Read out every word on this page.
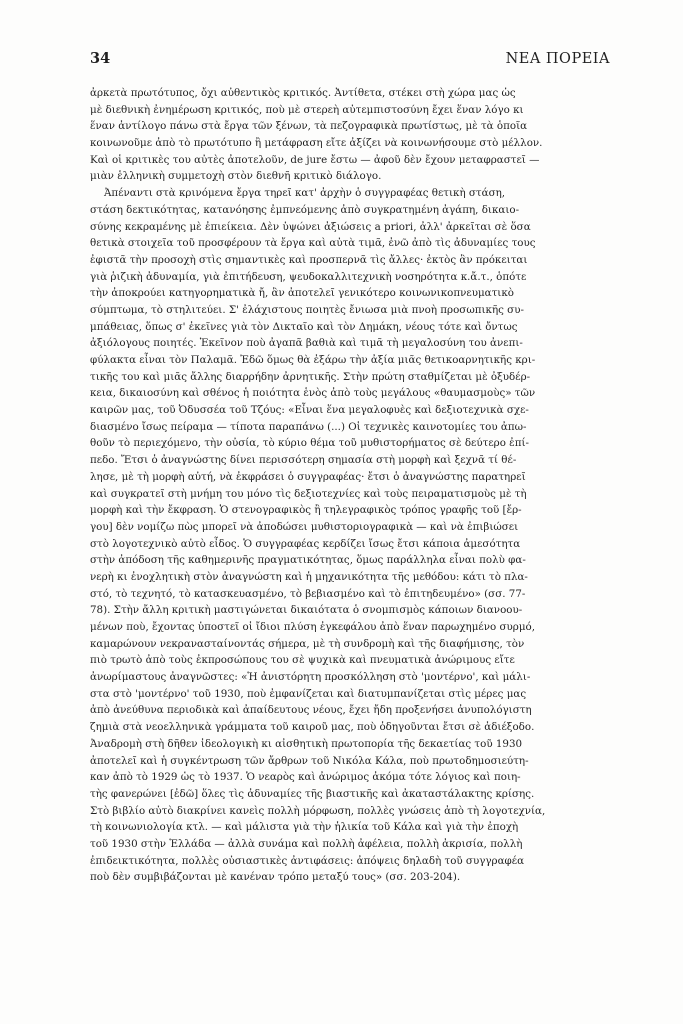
34	ΝΕΑ ΠΟΡΕΙΑ
ἀρκετὰ πρωτότυπος, ὄχι αὐθεντικὸς κριτικός. Ἀντίθετα, στέκει στὴ χώρα μας ὡς
μὲ διεθνικὴ ἐνημέρωση κριτικός, ποὺ μὲ στερεὴ αὐτεμπιστοσύνη ἔχει ἕναν λόγο κι
ἕναν ἀντίλογο πάνω στὰ ἔργα τῶν ξένων, τὰ πεζογραφικὰ πρωτίστως, μὲ τὰ ὁποῖα
κοινωνοῦμε ἀπὸ τὸ πρωτότυπο ἢ μετάφραση εἴτε ἀξίζει νὰ κοινωνήσουμε στὸ μέλλον.
Καὶ οἱ κριτικὲς του αὐτὲς ἀποτελοῦν, de jure ἔστω — ἀφοῦ δὲν ἔχουν μεταφραστεῖ —
μιὰν ἑλληνικὴ συμμετοχὴ στὸν διεθνῆ κριτικὸ διάλογο.
Ἀπέναντι στὰ κρινόμενα ἔργα τηρεῖ κατ' ἀρχὴν ὁ συγγραφέας θετικὴ στάση,
στάση δεκτικότητας, κατανόησης ἐμπνεόμενης ἀπὸ συγκρατημένη ἀγάπη, δικαιο-
σύνης κεκραμένης μὲ ἐπιείκεια. Δὲν ὑψώνει ἀξιώσεις a priori, ἀλλ' ἀρκεῖται σὲ ὅσα
θετικὰ στοιχεῖα τοῦ προσφέρουν τὰ ἔργα καὶ αὐτὰ τιμᾶ, ἐνῶ ἀπὸ τὶς ἀδυναμίες τους
ἐφιστᾶ τὴν προσοχὴ στὶς σημαντικὲς καὶ προσπερνᾶ τὶς ἄλλες· ἐκτὸς ἂν πρόκειται
γιὰ ῥιζικὴ ἀδυναμία, γιὰ ἐπιτήδευση, ψευδοκαλλιτεχνικὴ νοσηρότητα κ.ἄ.τ., ὁπότε
τὴν ἀποκρούει κατηγορηματικὰ ἤ, ἂν ἀποτελεῖ γενικότερο κοινωνικοπνευματικὸ
σύμπτωμα, τὸ στηλιτεύει. Σ' ἐλάχιστους ποιητὲς ἔνιωσα μιὰ πνοὴ προσωπικῆς συ-
μπάθειας, ὅπως σ' ἐκεῖνες γιὰ τὸν Δικταῖο καὶ τὸν Δημάκη, νέους τότε καὶ ὄντως
ἀξιόλογους ποιητές. Ἐκεῖνον ποὺ ἀγαπᾶ βαθιὰ καὶ τιμᾶ τὴ μεγαλοσύνη του ἀνεπι-
φύλακτα εἶναι τὸν Παλαμᾶ. Ἐδῶ ὅμως θὰ ἐξάρω τὴν ἀξία μιᾶς θετικοαρνητικῆς κρι-
τικῆς του καὶ μιᾶς ἄλλης διαρρήδην ἀρνητικῆς. Στὴν πρώτη σταθμίζεται μὲ ὀξυδέρ-
κεια, δικαιοσύνη καὶ σθένος ἡ ποιότητα ἑνὸς ἀπὸ τοὺς μεγάλους «θαυμασμοὺς» τῶν
καιρῶν μας, τοῦ Ὀδυσσέα τοῦ Τζόυς: «Εἶναι ἕνα μεγαλοφυὲς καὶ δεξιοτεχνικὰ σχε-
διασμένο ἴσως πείραμα — τίποτα παραπάνω (...) Οἱ τεχνικὲς καινοτομίες του ἀπω-
θοῦν τὸ περιεχόμενο, τὴν οὐσία, τὸ κύριο θέμα τοῦ μυθιστορήματος σὲ δεύτερο ἐπί-
πεδο. Ἔτσι ὁ ἀναγνώστης δίνει περισσότερη σημασία στὴ μορφὴ καὶ ξεχνᾶ τί θέ-
λησε, μὲ τὴ μορφὴ αὐτή, νὰ ἐκφράσει ὁ συγγραφέας· ἔτσι ὁ ἀναγνώστης παρατηρεῖ
καὶ συγκρατεῖ στὴ μνήμη του μόνο τὶς δεξιοτεχνίες καὶ τοὺς πειραματισμοὺς μὲ τὴ
μορφὴ καὶ τὴν ἔκφραση. Ὁ στενογραφικὸς ἢ τηλεγραφικὸς τρόπος γραφῆς τοῦ [ἔρ-
γου] δὲν νομίζω πὼς μπορεῖ νὰ ἀποδώσει μυθιστοριογραφικὰ — καὶ νὰ ἐπιβιώσει
στὸ λογοτεχνικὸ αὐτὸ εἶδος. Ὁ συγγραφέας κερδίζει ἴσως ἔτσι κάποια ἀμεσότητα
στὴν ἀπόδοση τῆς καθημερινῆς πραγματικότητας, ὅμως παράλληλα εἶναι πολὺ φα-
νερὴ κι ἐνοχλητικὴ στὸν ἀναγνώστη καὶ ἡ μηχανικότητα τῆς μεθόδου: κάτι τὸ πλα-
στό, τὸ τεχνητό, τὸ κατασκευασμένο, τὸ βεβιασμένο καὶ τὸ ἐπιτηδευμένο» (σσ. 77-
78). Στὴν ἄλλη κριτικὴ μαστιγώνεται δικαιότατα ὁ σνομπισμὸς κάποιων διανοου-
μένων ποὺ, ἔχοντας ὑποστεῖ οἱ ἴδιοι πλύση ἐγκεφάλου ἀπὸ ἕναν παρωχημένο συρμό,
καμαρώνουν νεκρανασταίνοντάς σήμερα, μὲ τὴ συνδρομὴ καὶ τῆς διαφήμισης, τὸν
πιὸ τρωτὸ ἀπὸ τοὺς ἐκπροσώπους του σὲ ψυχικὰ καὶ πνευματικὰ ἀνώριμους εἴτε
ἀνωρίμαστους ἀναγνῶστες: «Ἡ ἀνιστόρητη προσκόλληση στὸ 'μοντέρνο', καὶ μάλι-
στα στὸ 'μοντέρνο' τοῦ 1930, ποὺ ἐμφανίζεται καὶ διατυμπανίζεται στὶς μέρες μας
ἀπὸ ἀνεύθυνα περιοδικὰ καὶ ἀπαίδευτους νέους, ἔχει ἤδη προξενήσει ἀνυπολόγιστη
ζημιὰ στὰ νεοελληνικὰ γράμματα τοῦ καιροῦ μας, ποὺ ὁδηγοῦνται ἔτσι σὲ ἀδιέξοδο.
Ἀναδρομὴ στὴ δῆθεν ἰδεολογικὴ κι αἰσθητικὴ πρωτοπορία τῆς δεκαετίας τοῦ 1930
ἀποτελεῖ καὶ ἡ συγκέντρωση τῶν ἄρθρων τοῦ Νικόλα Κάλα, ποὺ πρωτοδημοσιεύτη-
καν ἀπὸ τὸ 1929 ὡς τὸ 1937. Ὁ νεαρὸς καὶ ἀνώριμος ἀκόμα τότε λόγιος καὶ ποιη-
τὴς φανερώνει [ἐδῶ] ὅλες τὶς ἀδυναμίες τῆς βιαστικῆς καὶ ἀκαταστάλακτης κρίσης.
Στὸ βιβλίο αὐτὸ διακρίνει κανεὶς πολλὴ μόρφωση, πολλὲς γνώσεις ἀπὸ τὴ λογοτεχνία,
τὴ κοινωνιολογία κτλ. — καὶ μάλιστα γιὰ τὴν ἡλικία τοῦ Κάλα καὶ γιὰ τὴν ἐποχὴ
τοῦ 1930 στὴν Ἑλλάδα — ἀλλὰ συνάμα καὶ πολλὴ ἀφέλεια, πολλὴ ἀκρισία, πολλὴ
ἐπιδεικτικότητα, πολλὲς οὐσιαστικὲς ἀντιφάσεις: ἀπόψεις δηλαδὴ τοῦ συγγραφέα
ποὺ δὲν συμβιβάζονται μὲ κανέναν τρόπο μεταξύ τους» (σσ. 203-204).
